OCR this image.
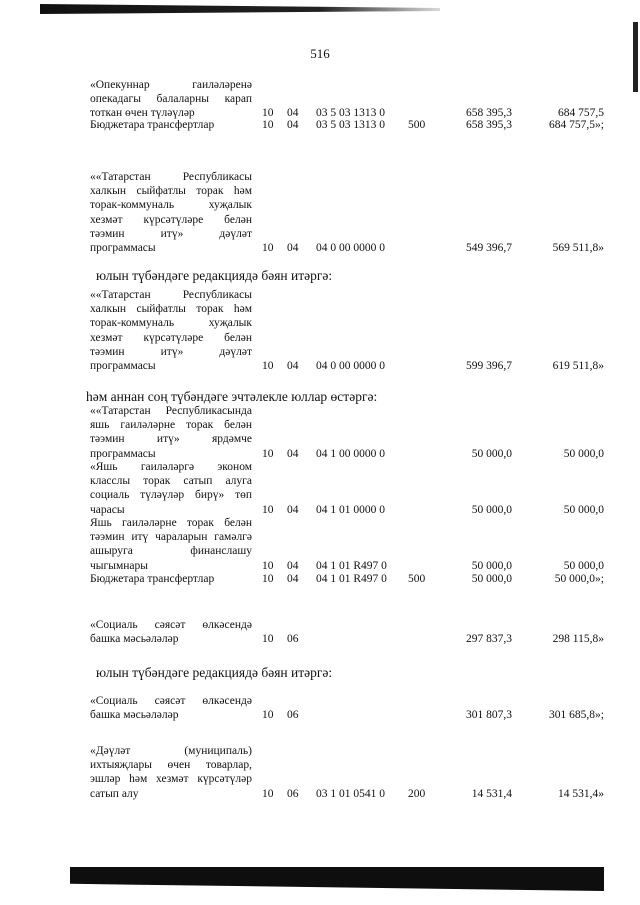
516
юлын түбәндәге редакциядә бәян итәргә:
һәм аннан соң түбәндәге эчтәлекле юллар өстәргә:
юлын түбәндәге редакциядә бәян итәргә:
«Опекуннар гаиләләренә
опекадагы балаларны карап
тоткан өчен түләүләр	10 04 03 5 03 1313 0	658 395,3	684 757,5
Бюджетара трансфертлар	10 04 03 5 03 1313 0 500	658 395,3	684 757,5»;
««Татарстан Республикасы
халкын сыйфатлы торак һәм
торак-коммуналь хуҗалык
хезмәт күрсәтүләре белән
тәэмин итү» дәүләт
программасы	10 04 04 0 00 0000 0	549 396,7	569 511,8»
««Татарстан Республикасы
халкын сыйфатлы торак һәм
торак-коммуналь хуҗалык
хезмәт күрсәтүләре белән
тәэмин итү» дәүләт
программасы	10 04 04 0 00 0000 0	599 396,7	619 511,8»
««Татарстан Республикасында
яшь гаиләләрне торак белән
тәэмин итү» ярдәмче
программасы	10 04 04 1 00 0000 0	50 000,0	50 000,0
«Яшь гаиләләргә эконом
класслы торак сатып алуга
социаль түләүләр бирү» төп
чарасы	10 04 04 1 01 0000 0	50 000,0	50 000,0
Яшь гаиләләрне торак белән
тәэмин итү чараларын гамәлгә
ашыруга финанслашу
чыгымнары	10 04 04 1 01 R497 0	50 000,0	50 000,0
Бюджетара трансфертлар	10 04 04 1 01 R497 0 500	50 000,0	50 000,0»;
«Социаль сәясәт өлкәсендә
башка мәсьәләләр	10 06	297 837,3	298 115,8»
«Социаль сәясәт өлкәсендә
башка мәсьәләләр	10 06	301 807,3	301 685,8»;
«Дәүләт (муниципаль)
ихтыяҗлары өчен товарлар,
эшләр һәм хезмәт күрсәтүләр
сатып алу	10 06 03 1 01 0541 0 200	14 531,4	14 531,4»
